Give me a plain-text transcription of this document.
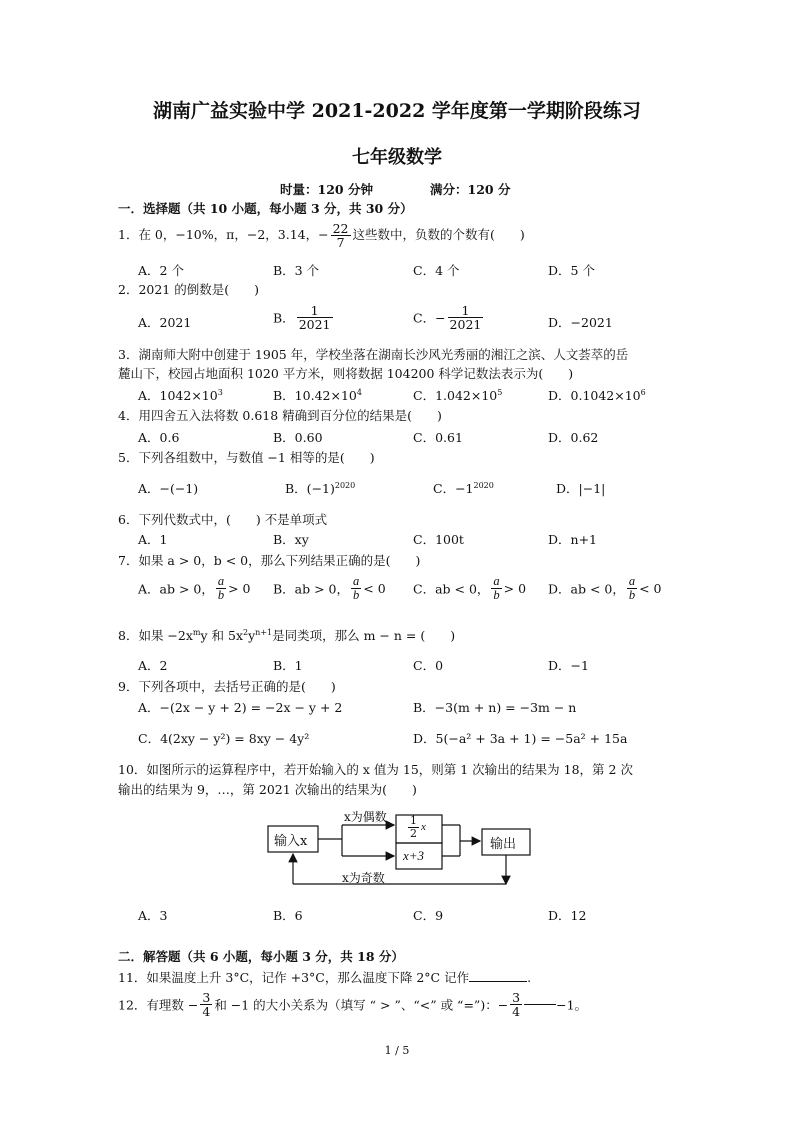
湖南广益实验中学 2021-2022 学年度第一学期阶段练习
七年级数学
时量：120 分钟	满分：120 分
一．选择题（共 10 小题，每小题 3 分，共 30 分）
1．在 0，−10%，π，−2，3.14，− $\frac{22}{7}$ 这些数中，负数的个数有(　　)
A．2 个	B．3 个	C．4 个	D．5 个
2．2021 的倒数是(　　)
A．2021	B． $\frac{1}{2021}$	C．− $\frac{1}{2021}$	D．−2021
3．湖南师大附中创建于 1905 年，学校坐落在湖南长沙风光秀丽的湘江之滨、人文荟萃的岳
麓山下，校园占地面积 1020 平方米，则将数据 104200 科学记数法表示为(　　)
A．$1042\times 10^3$	B．$10.42\times 10^4$	C．$1.042\times 10^5$	D．$0.1042\times 10^6$
4．用四舍五入法将数 0.618 精确到百分位的结果是(　　)
A．0.6	B．0.60	C．0.61	D．0.62
5．下列各组数中，与数值 −1 相等的是(　　)
A．−(−1)	B．$(-1)^{2020}$	C．$-1^{2020}$	D．|−1|
6．下列代数式中，(　　) 不是单项式
A．1	B．xy	C．100t	D．n+1
7．如果 a > 0，b < 0，那么下列结果正确的是(　　)
A．ab > 0， $\frac{a}{b} > 0$ B．ab > 0， $\frac{a}{b} < 0$ C．ab < 0， $\frac{a}{b} > 0$ D．ab < 0， $\frac{a}{b} < 0$
8．如果 $-2x^my$ 和 $5x^2y^{n+1}$是同类项，那么 m − n = (　　)
A．2	B．1	C．0	D．−1
9．下列各项中，去括号正确的是(　　)
A．−(2x − y + 2) = −2x − y + 2	B．−3(m + n) = −3m − n
C．4(2xy − y²) = 8xy − 4y²	D．5(−a² + 3a + 1) = −5a² + 15a
10．如图所示的运算程序中，若开始输入的 x 值为 15，则第 1 次输出的结果为 18，第 2 次
输出的结果为 9，…，第 2021 次输出的结果为(　　)
输入x
x为偶数 $\frac{1}{2}$ x
x+3
输出
x为奇数
A．3	B．6	C．9	D．12
二．解答题（共 6 小题，每小题 3 分，共 18 分）
11．如果温度上升 3°C，记作 +3°C，那么温度下降 2°C 记作	.
12．有理数 − $\frac{3}{4}$ 和 −1 的大小关系为（填写 “ > ”、“<” 或 “=”)：− $\frac{3}{4}$	−1。
1 / 5
